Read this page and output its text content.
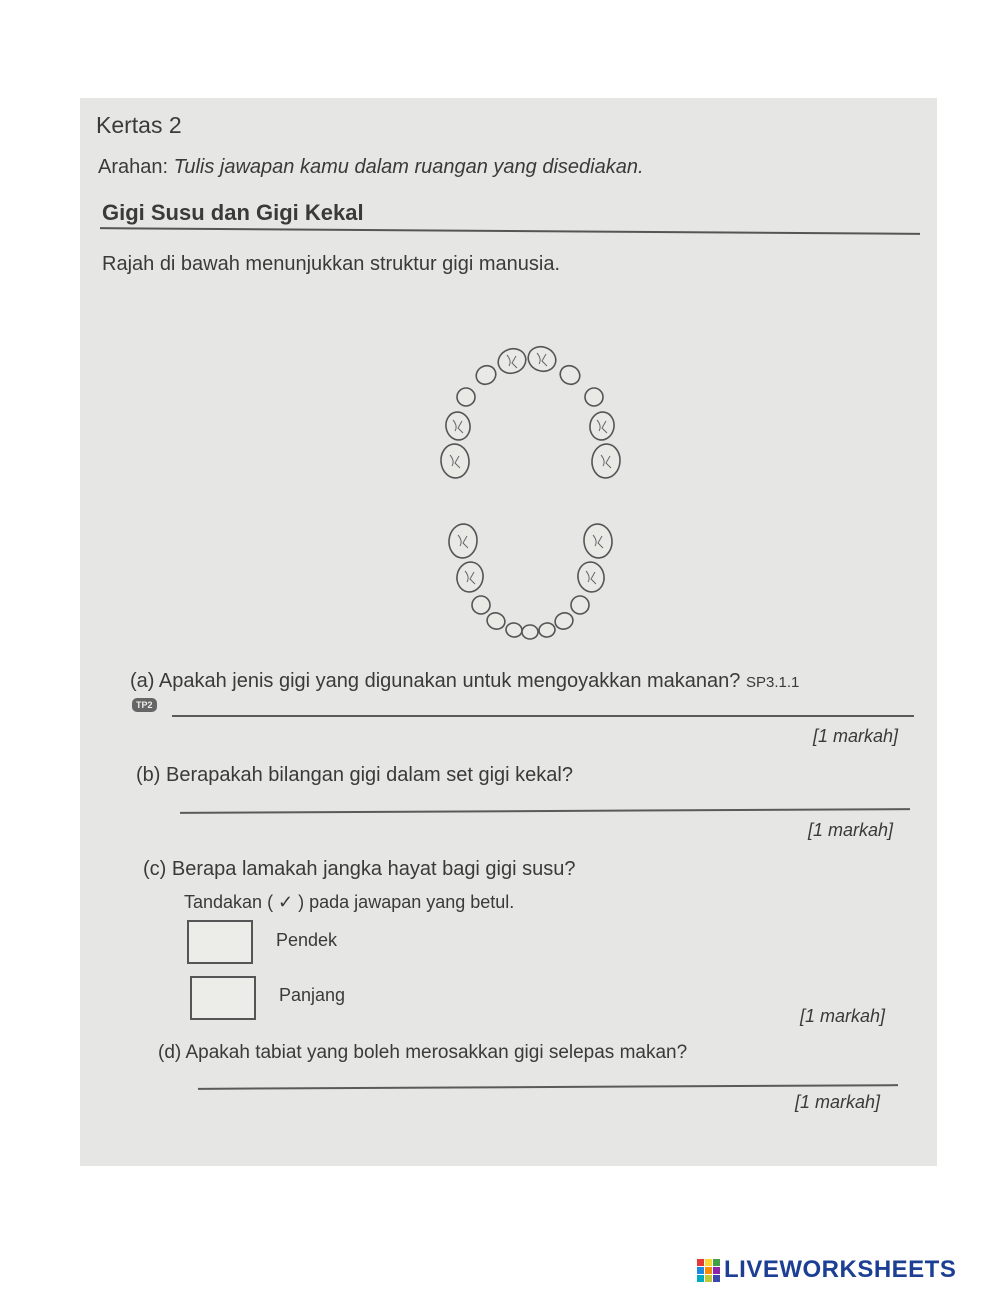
Kertas 2
Arahan: Tulis jawapan kamu dalam ruangan yang disediakan.
Gigi Susu dan Gigi Kekal
Rajah di bawah menunjukkan struktur gigi manusia.
(a) Apakah jenis gigi yang digunakan untuk mengoyakkan makanan? SP3.1.1
TP2
[1 markah]
(b) Berapakah bilangan gigi dalam set gigi kekal?
[1 markah]
(c) Berapa lamakah jangka hayat bagi gigi susu?
Tandakan ( ✓ ) pada jawapan yang betul.
Pendek
Panjang
[1 markah]
(d) Apakah tabiat yang boleh merosakkan gigi selepas makan?
[1 markah]
LIVEWORKSHEETS
